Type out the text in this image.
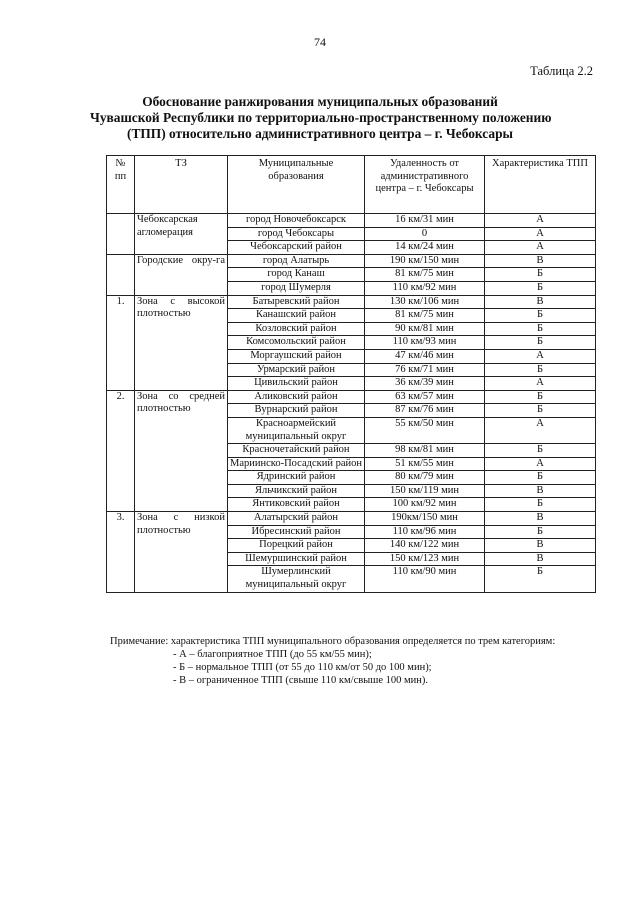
74
Таблица 2.2
Обоснование ранжирования муниципальных образований
Чувашской Республики по территориально-пространственному положению
(ТПП) относительно административного центра – г. Чебоксары
№ пп	ТЗ	Муниципальные образования	Удаленность от административного центра – г. Чебоксары	Характеристика ТПП
	Чебоксарская агломерация	город Новочебоксарск	16 км/31 мин	А
		город Чебоксары	0	А
		Чебоксарский район	14 км/24 мин	А
	Городские окру-га	город Алатырь	190 км/150 мин	В
		город Канаш	81 км/75 мин	Б
		город Шумерля	110 км/92 мин	Б
1.	Зона с высокой плотностью	Батыревский район	130 км/106 мин	В
		Канашский район	81 км/75 мин	Б
		Козловский район	90 км/81 мин	Б
		Комсомольский район	110 км/93 мин	Б
		Моргаушский район	47 км/46 мин	А
		Урмарский район	76 км/71 мин	Б
		Цивильский район	36 км/39 мин	А
2.	Зона со средней плотностью	Аликовский район	63 км/57 мин	Б
		Вурнарский район	87 км/76 мин	Б
		Красноармейский муниципальный округ	55 км/50 мин	А
		Красночетайский район	98 км/81 мин	Б
		Мариинско-Посадский район	51 км/55 мин	А
		Ядринский район	80 км/79 мин	Б
		Яльчикский район	150 км/119 мин	В
		Янтиковский район	100 км/92 мин	Б
3.	Зона с низкой плотностью	Алатырский район	190км/150 мин	В
		Ибресинский район	110 км/96 мин	Б
		Порецкий район	140 км/122 мин	В
		Шемуршинский район	150 км/123 мин	В
		Шумерлинский муниципальный округ	110 км/90 мин	Б
Примечание: характеристика ТПП муниципального образования определяется по трем категориям:
- А – благоприятное ТПП (до 55 км/55 мин);
- Б – нормальное ТПП (от 55 до 110 км/от 50 до 100 мин);
- В – ограниченное ТПП (свыше 110 км/свыше 100 мин).
